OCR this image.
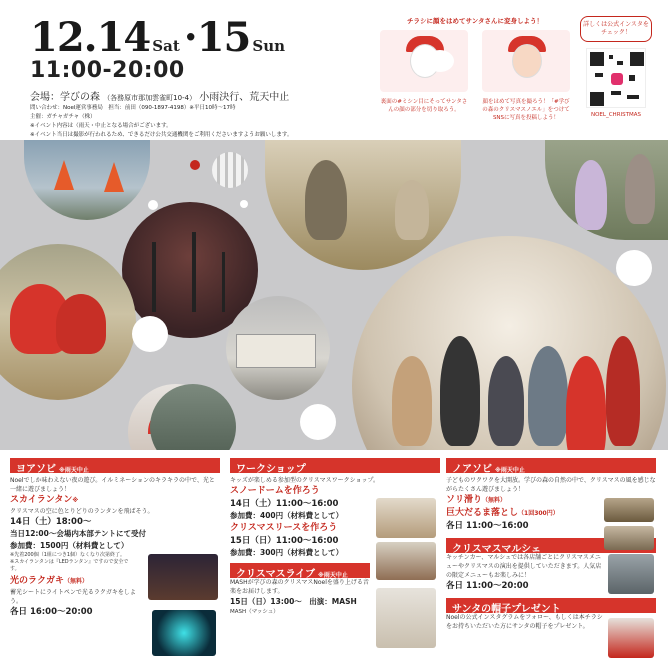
12.14 Sat · 15 Sun
11:00-20:00
会場：学びの森 （各務原市那加雲雀町10-4） 小雨決行、荒天中止
問い合わせ：Noel運営事務局　担当：前田（090-1897-4198）※平日10時〜17時
主催：ガチャガチャ（株）
※イベント内容は（雨天・中止となる場合がございます。
※イベント当日は撮影が行われるため、できるだけ公共交通機関をご利用くださいますようお願いします。
チラシに顔をはめてサンタさんに変身しよう！
裏面の#ミシン目にそってサンタさんの顔の部分を切り取ろう。
顔をはめて写真を撮ろう！「#学びの森のクリスマスノエル」をつけてSNSに写真を投稿しよう！
詳しくは公式インスタをチェック！
NOEL_CHRISTMAS
ヨアソビ ※雨天中止
Noelでしか味わえない夜の遊び。イルミネーションのキラキラの中で、光と一緒に遊びましょう！
スカイランタン※
クリスマスの空に色とりどりのランタンを飛ばそう。
14日（土）18:00〜
当日12:00〜会場内本部テントにて受付
参加費：1500円（材料費として）
※先着200個（1組につき1個）なくなり次第終了。
※スカイランタンは『LEDランタン』ですので安全です。
光のラクガキ（無料）
蓄光シートにライトペンで光るラクガキをしよう。
各日 16:00〜20:00
ワークショップ
キッズが楽しめる参加型のクリスマスワークショップ。
スノードームを作ろう
14日（土）11:00〜16:00
参加費：400円（材料費として）
クリスマスリースを作ろう
15日（日）11:00〜16:00
参加費：300円（材料費として）
クリスマスライブ ※雨天中止
MASHが学びの森のクリスマスNoelを盛り上げる音楽をお届けします。
15日（日）13:00〜　出演：MASH
MASH（マッシュ）
ノアソビ ※雨天中止
子どものワクワクを大開放。学びの森の自然の中で、クリスマスの風を感じながらたくさん遊びましょう！
ソリ滑り（無料）
巨大だるま落とし（1回300円）
各日 11:00〜16:00
クリスマスマルシェ
キッチンカー、マルシェでは各店舗ごとにクリスマスメニューやクリスマスの演出を提供していただきます。人気店の限定メニューもお楽しみに！
各日 11:00〜20:00
サンタの帽子プレゼント
Noelの公式インスタグラムをフォロー、もしくは本チラシをお持ちいただいた方にサンタの帽子をプレゼント。
